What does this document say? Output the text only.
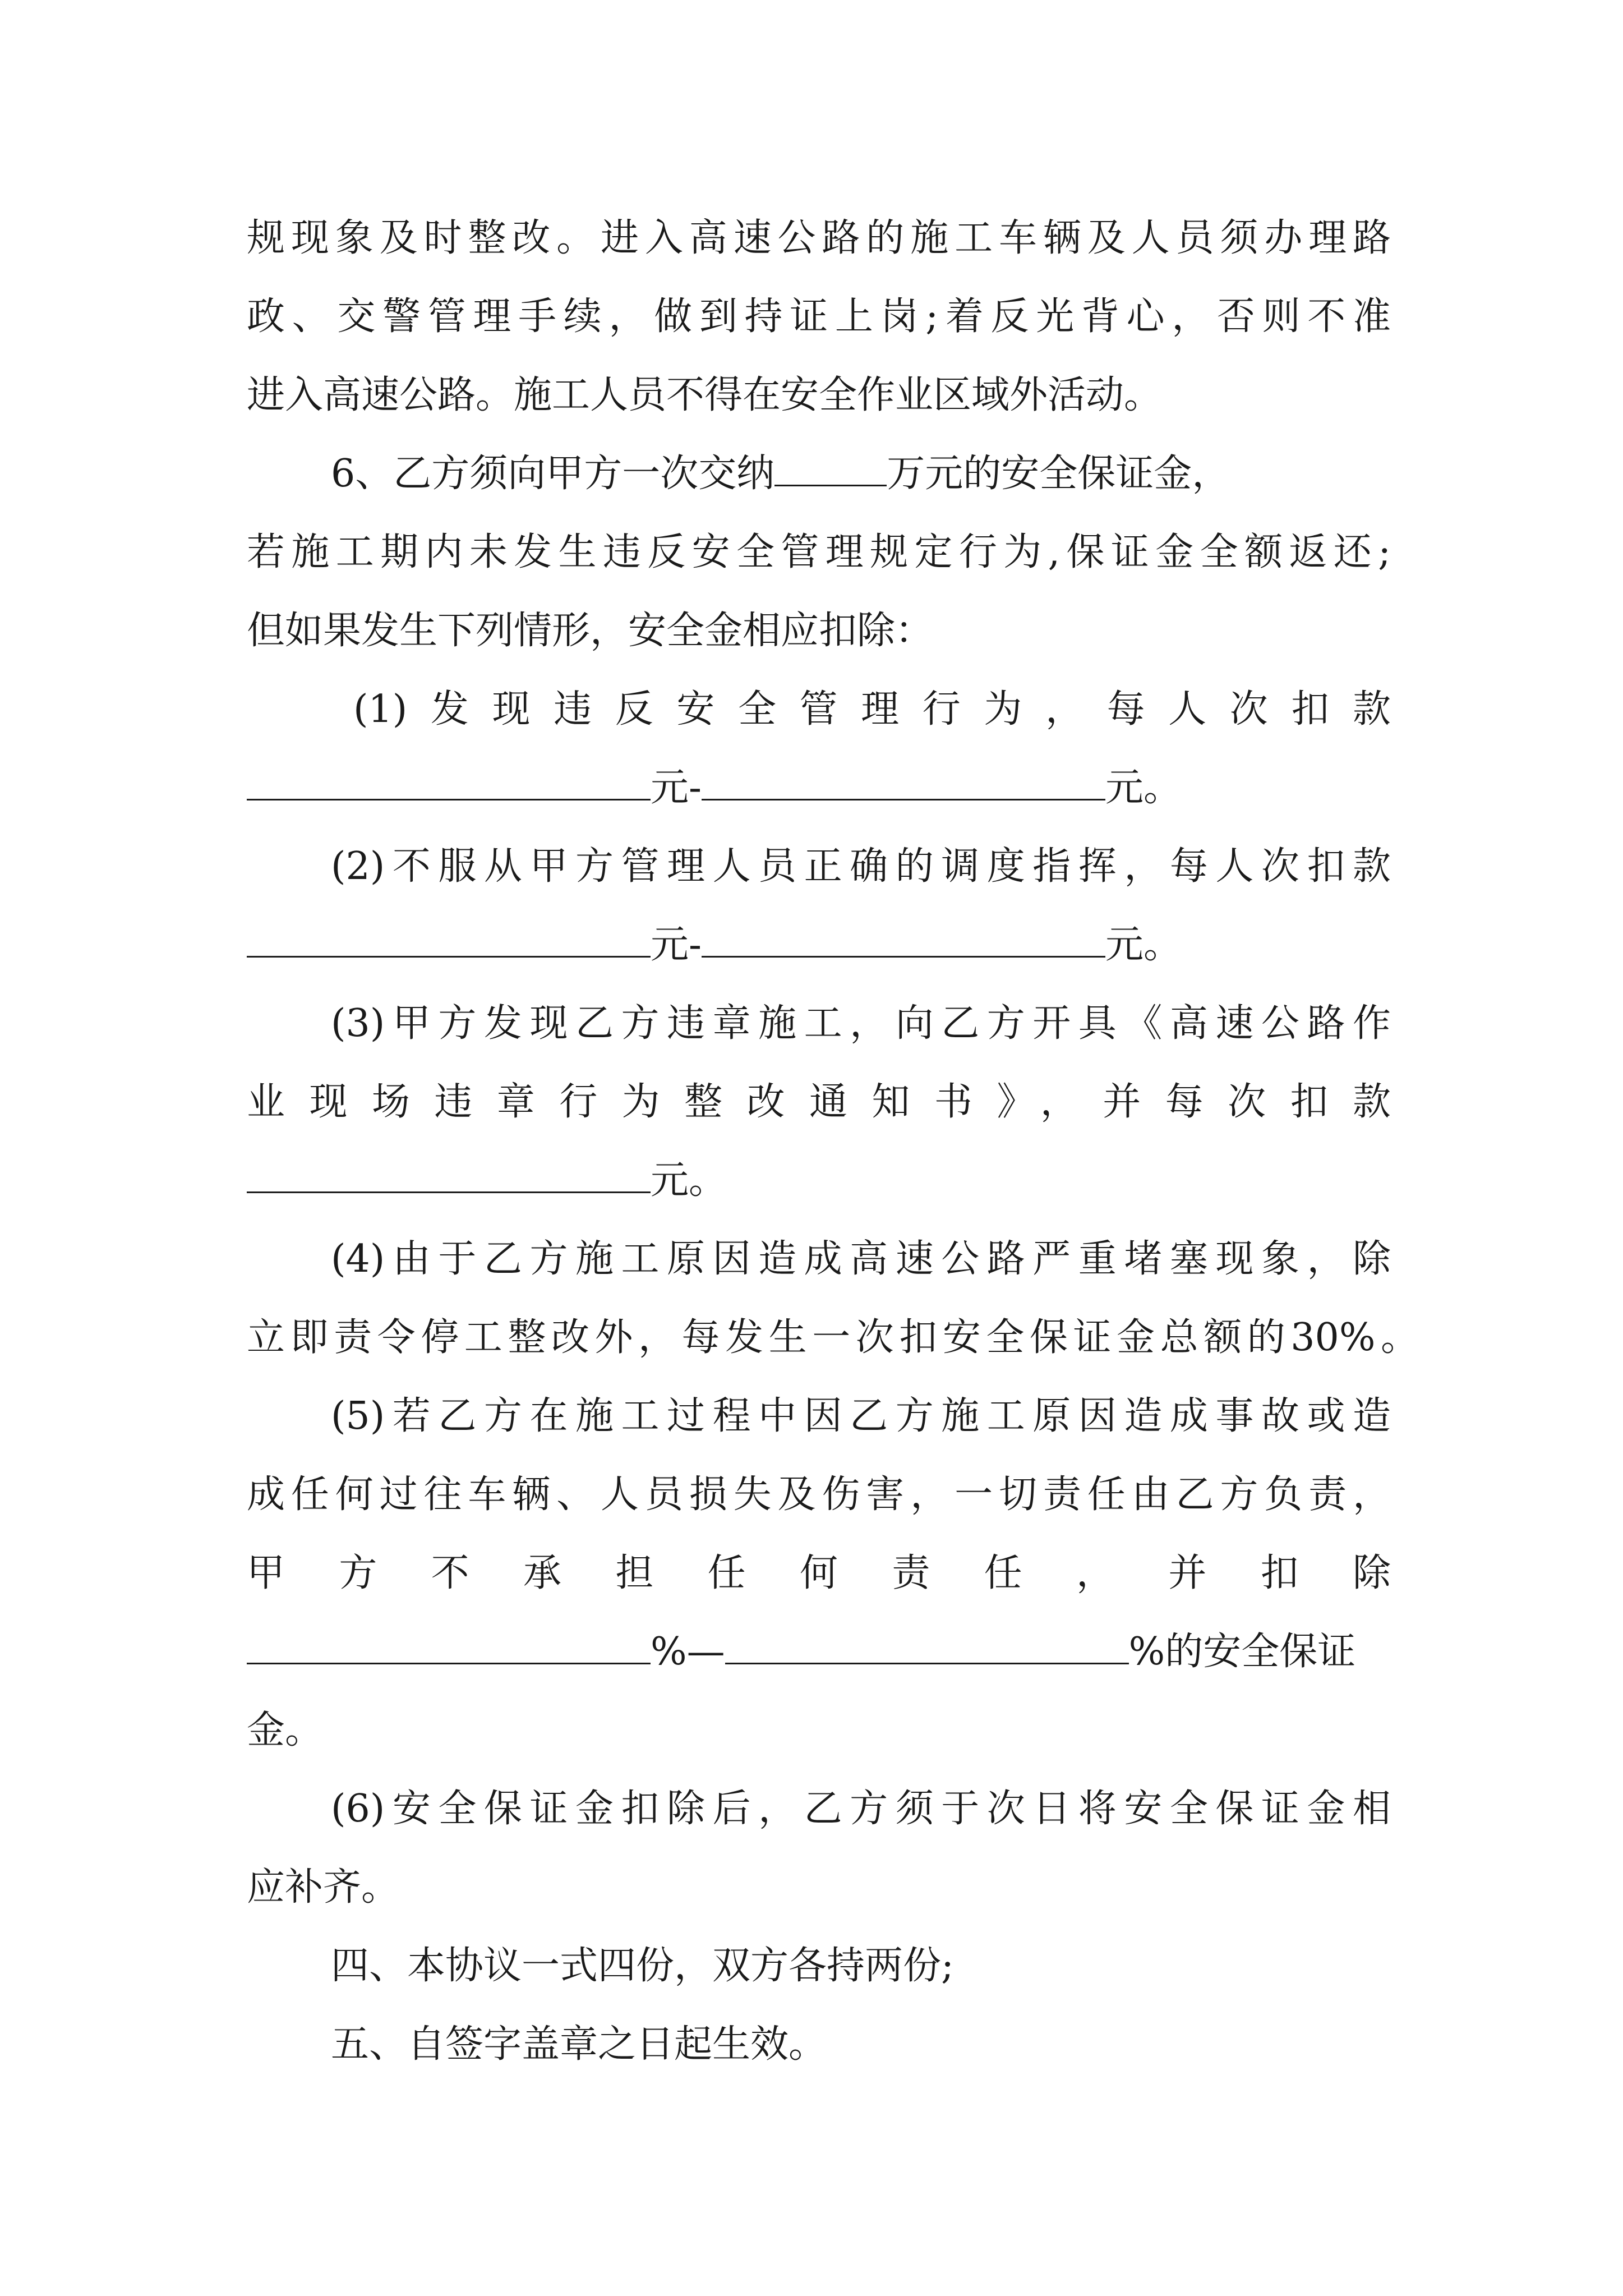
规现象及时整改。进入高速公路的施工车辆及人员须办理路
政、交警管理手续，做到持证上岗;着反光背心，否则不准
进入高速公路。施工人员不得在安全作业区域外活动。
6、乙方须向甲方一次交纳	万元的安全保证金，
若施工期内未发生违反安全管理规定行为,保证金全额返还;
但如果发生下列情形，安全金相应扣除：
(1)发现违反安全管理行为，每人次扣款
元-	元。
(2)不服从甲方管理人员正确的调度指挥，每人次扣款
元-	元。
(3)甲方发现乙方违章施工，向乙方开具《高速公路作
业现场违章行为整改通知书》，并每次扣款
元。
(4)由于乙方施工原因造成高速公路严重堵塞现象，除
立即责令停工整改外，每发生一次扣安全保证金总额的30%。
(5)若乙方在施工过程中因乙方施工原因造成事故或造
成任何过往车辆、人员损失及伤害，一切责任由乙方负责，
甲方不承担任何责任，并扣除
%—	%的安全保证
金。
(6)安全保证金扣除后，乙方须于次日将安全保证金相
应补齐。
四、本协议一式四份，双方各持两份;
五、自签字盖章之日起生效。
